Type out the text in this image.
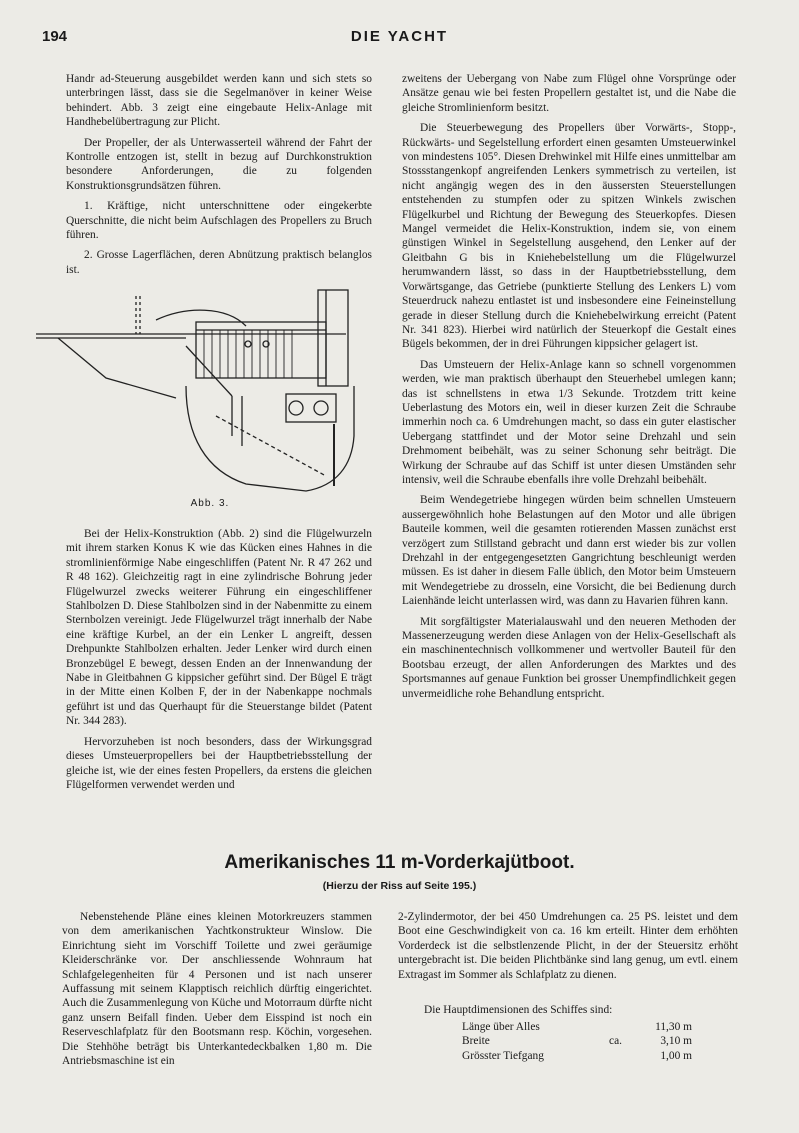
194	DIE YACHT

Handr ad-Steuerung ausgebildet werden kann und sich stets so unterbringen lässt, dass sie die Segelmanöver in keiner Weise behindert. Abb. 3 zeigt eine eingebaute Helix-Anlage mit Handhebelübertragung zur Plicht.

Der Propeller, der als Unterwasserteil während der Fahrt der Kontrolle entzogen ist, stellt in bezug auf Durchkonstruktion besondere Anforderungen, die zu folgenden Konstruktionsgrundsätzen führen.

1. Kräftige, nicht unterschnittene oder eingekerbte Querschnitte, die nicht beim Aufschlagen des Propellers zu Bruch führen.

2. Grosse Lagerflächen, deren Abnützung praktisch belanglos ist.

Abb. 3.

Bei der Helix-Konstruktion (Abb. 2) sind die Flügelwurzeln mit ihrem starken Konus K wie das Kücken eines Hahnes in die stromlinienförmige Nabe eingeschliffen (Patent Nr. R 47 262 und R 48 162). Gleichzeitig ragt in eine zylindrische Bohrung jeder Flügelwurzel zwecks weiterer Führung ein eingeschliffener Stahlbolzen D. Diese Stahlbolzen sind in der Nabenmitte zu einem Sternbolzen vereinigt. Jede Flügelwurzel trägt innerhalb der Nabe eine kräftige Kurbel, an der ein Lenker L angreift, dessen Drehpunkte Stahlbolzen erhalten. Jeder Lenker wird durch einen Bronzebügel E bewegt, dessen Enden an der Innenwandung der Nabe in Gleitbahnen G kippsicher geführt sind. Der Bügel E trägt in der Mitte einen Kolben F, der in der Nabenkappe nochmals geführt ist und das Querhaupt für die Steuerstange bildet (Patent Nr. 344 283).

Hervorzuheben ist noch besonders, dass der Wirkungsgrad dieses Umsteuerpropellers bei der Hauptbetriebsstellung der gleiche ist, wie der eines festen Propellers, da erstens die gleichen Flügelformen verwendet werden und

zweitens der Uebergang von Nabe zum Flügel ohne Vorsprünge oder Ansätze genau wie bei festen Propellern gestaltet ist, und die Nabe die gleiche Stromlinienform besitzt.

Die Steuerbewegung des Propellers über Vorwärts-, Stopp-, Rückwärts- und Segelstellung erfordert einen gesamten Umsteuerwinkel von mindestens 105°. Diesen Drehwinkel mit Hilfe eines unmittelbar am Stossstangenkopf angreifenden Lenkers symmetrisch zu verteilen, ist nicht angängig wegen des in den äussersten Steuerstellungen entstehenden zu stumpfen oder zu spitzen Winkels zwischen Flügelkurbel und Richtung der Bewegung des Steuerkopfes. Diesen Mangel vermeidet die Helix-Konstruktion, indem sie, von einem günstigen Winkel in Segelstellung ausgehend, den Lenker auf der Gleitbahn G bis in Kniehebelstellung um die Flügelwurzel herumwandern lässt, so dass in der Hauptbetriebsstellung, dem Vorwärtsgange, das Getriebe (punktierte Stellung des Lenkers L) vom Steuerdruck nahezu entlastet ist und insbesondere eine Feineinstellung gerade in dieser Stellung durch die Kniehebelwirkung erreicht (Patent Nr. 341 823). Hierbei wird natürlich der Steuerkopf die Gestalt eines Bügels bekommen, der in drei Führungen kippsicher gelagert ist.

Das Umsteuern der Helix-Anlage kann so schnell vorgenommen werden, wie man praktisch überhaupt den Steuerhebel umlegen kann; das ist schnellstens in etwa 1/3 Sekunde. Trotzdem tritt keine Ueberlastung des Motors ein, weil in dieser kurzen Zeit die Schraube immerhin noch ca. 6 Umdrehungen macht, so dass ein guter elastischer Uebergang stattfindet und der Motor seine Drehzahl und sein Drehmoment beibehält, was zu seiner Schonung sehr beiträgt. Die Wirkung der Schraube auf das Schiff ist unter diesen Umständen sehr intensiv, weil die Schraube ebenfalls ihre volle Drehzahl beibehält.

Beim Wendegetriebe hingegen würden beim schnellen Umsteuern aussergewöhnlich hohe Belastungen auf den Motor und alle übrigen Bauteile kommen, weil die gesamten rotierenden Massen zunächst erst verzögert zum Stillstand gebracht und dann erst wieder bis zur vollen Drehzahl in der entgegengesetzten Gangrichtung beschleunigt werden müssen. Es ist daher in diesem Falle üblich, den Motor beim Umsteuern mit Wendegetriebe zu drosseln, eine Vorsicht, die bei Bedienung durch Laienhände leicht unterlassen wird, was dann zu Havarien führen kann.

Mit sorgfältigster Materialauswahl und den neueren Methoden der Massenerzeugung werden diese Anlagen von der Helix-Gesellschaft als ein maschinentechnisch vollkommener und wertvoller Bauteil für den Bootsbau erzeugt, der allen Anforderungen des Marktes und des Sportsmannes auf genaue Funktion bei grosser Unempfindlichkeit gegen unvermeidliche rohe Behandlung entspricht.

Amerikanisches 11 m-Vorderkajütboot.
(Hierzu der Riss auf Seite 195.)

Nebenstehende Pläne eines kleinen Motorkreuzers stammen von dem amerikanischen Yachtkonstrukteur Winslow. Die Einrichtung sieht im Vorschiff Toilette und zwei geräumige Kleiderschränke vor. Der anschliessende Wohnraum hat Schlafgelegenheiten für 4 Personen und ist nach unserer Auffassung mit seinem Klapptisch reichlich dürftig eingerichtet. Auch die Zusammenlegung von Küche und Motorraum dürfte nicht ganz unsern Beifall finden. Ueber dem Eisspind ist noch ein Reserveschlafplatz für den Bootsmann resp. Köchin, vorgesehen. Die Stehhöhe beträgt bis Unterkantedeckbalken 1,80 m. Die Antriebsmaschine ist ein

2-Zylindermotor, der bei 450 Umdrehungen ca. 25 PS. leistet und dem Boot eine Geschwindigkeit von ca. 16 km erteilt. Hinter dem erhöhten Vorderdeck ist die selbstlenzende Plicht, in der der Steuersitz erhöht untergebracht ist. Die beiden Plichtbänke sind lang genug, um evtl. einem Extragast im Sommer als Schlafplatz zu dienen.

Die Hauptdimensionen des Schiffes sind:
Länge über Alles	11,30 m
Breite	ca.	3,10 m
Grösster Tiefgang	1,00 m
